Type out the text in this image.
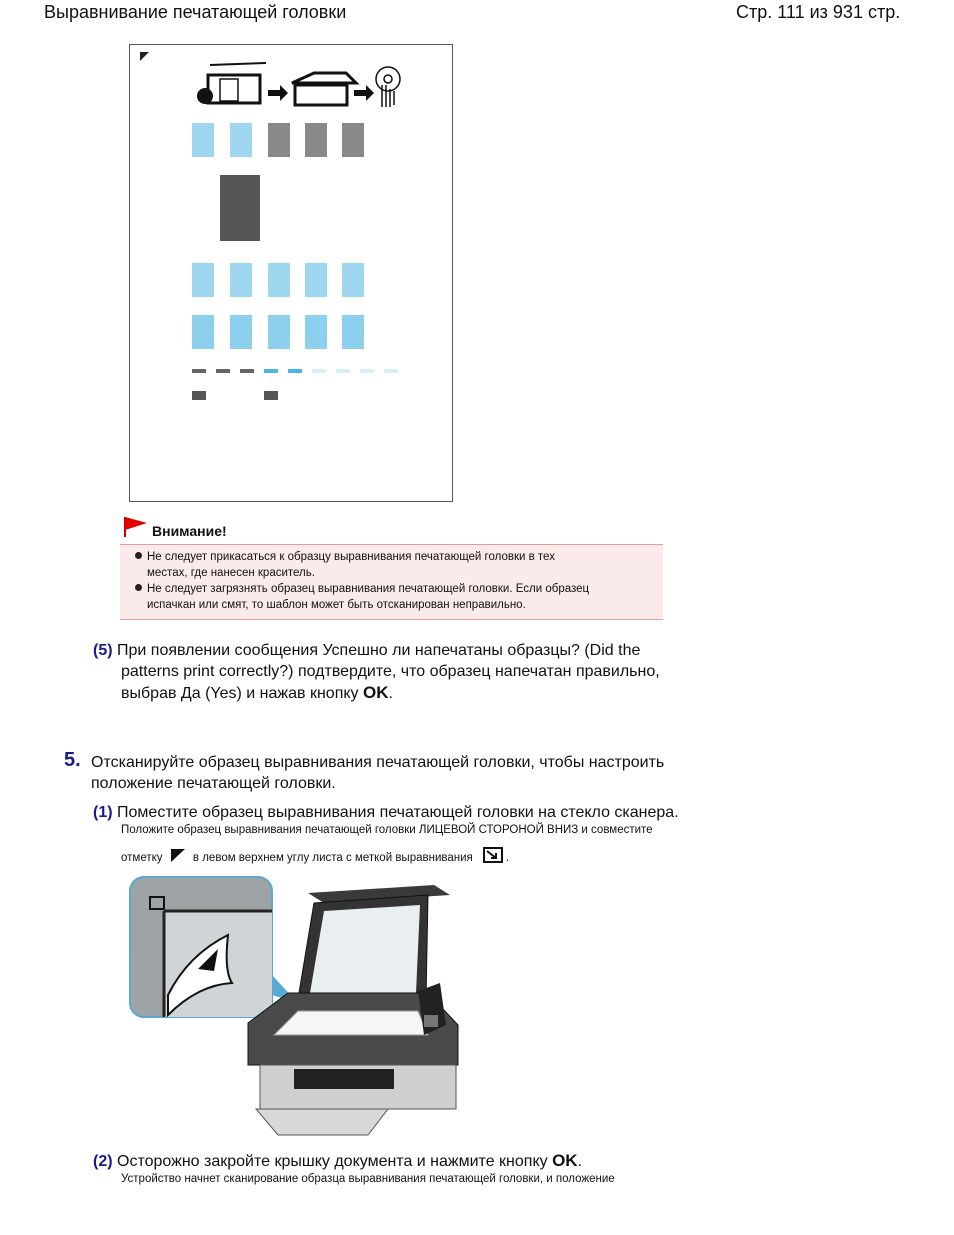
Выравнивание печатающей головки	Стр. 111 из 931 стр.
Внимание!
Не следует прикасаться к образцу выравнивания печатающей головки в тех
местах, где нанесен краситель.
Не следует загрязнять образец выравнивания печатающей головки. Если образец
испачкан или смят, то шаблон может быть отсканирован неправильно.
(5) При появлении сообщения Успешно ли напечатаны образцы? (Did the
patterns print correctly?) подтвердите, что образец напечатан правильно,
выбрав Да (Yes) и нажав кнопку OK.
5. Отсканируйте образец выравнивания печатающей головки, чтобы настроить
положение печатающей головки.
(1) Поместите образец выравнивания печатающей головки на стекло сканера.
Положите образец выравнивания печатающей головки ЛИЦЕВОЙ СТОРОНОЙ ВНИЗ и совместите
отметку	в левом верхнем углу листа с меткой выравнивания	.
(2) Осторожно закройте крышку документа и нажмите кнопку OK.
Устройство начнет сканирование образца выравнивания печатающей головки, и положение
